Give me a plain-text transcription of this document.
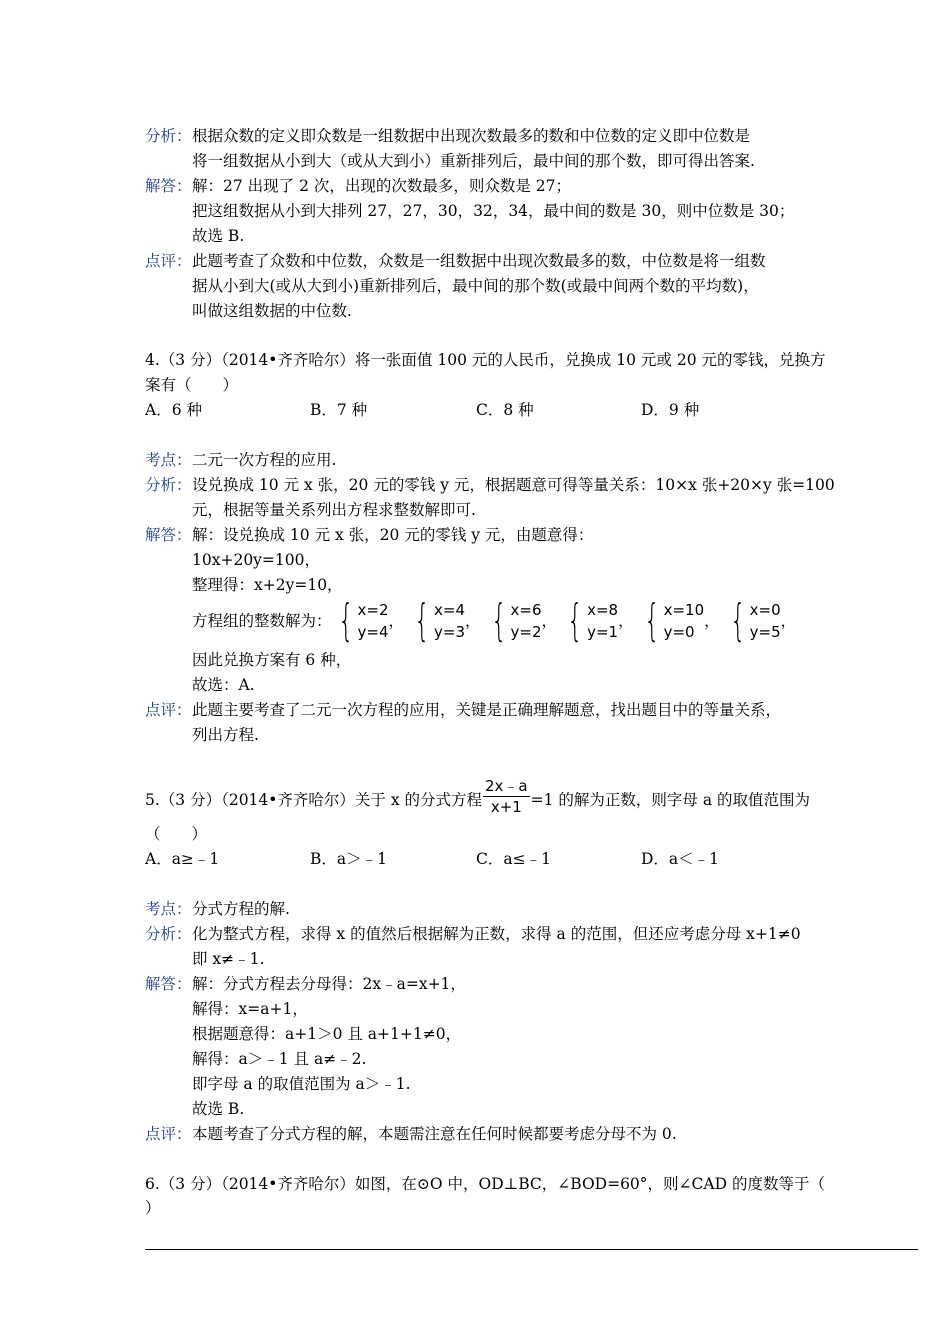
分析： 根据众数的定义即众数是一组数据中出现次数最多的数和中位数的定义即中位数是
将一组数据从小到大（或从大到小）重新排列后，最中间的那个数，即可得出答案.
解答： 解：27 出现了 2 次，出现的次数最多，则众数是 27；
把这组数据从小到大排列 27，27，30，32，34，最中间的数是 30，则中位数是 30；
故选 B.
点评： 此题考查了众数和中位数，众数是一组数据中出现次数最多的数，中位数是将一组数
据从小到大(或从大到小)重新排列后，最中间的那个数(或最中间两个数的平均数)，
叫做这组数据的中位数.
4.（3 分）（2014•齐齐哈尔）将一张面值 100 元的人民币，兑换成 10 元或 20 元的零钱，兑换方
案有（　　）
A．6 种	B．7 种	C．8 种	D．9 种
考点： 二元一次方程的应用.
分析： 设兑换成 10 元 x 张，20 元的零钱 y 元，根据题意可得等量关系：10×x 张+20×y 张=100
元，根据等量关系列出方程求整数解即可.
解答： 解：设兑换成 10 元 x 张，20 元的零钱 y 元，由题意得：
10x+20y=100，
整理得：x+2y=10，
方程组的整数解为： { x=2
y=4
， { x=4
y=3
， { x=6
y=2
， { x=8
y=1
， { x=10
y=0
， { x=0
y=5
，
因此兑换方案有 6 种，
故选：A.
点评： 此题主要考查了二元一次方程的应用，关键是正确理解题意，找出题目中的等量关系，
列出方程.
5.（3 分）（2014•齐齐哈尔）关于 x 的分式方程 $\frac{2x﹣a}{x+1} =1$ 的解为正数，则字母 a 的取值范围为
（　　）
A．a≥﹣1	B．a＞﹣1	C．a≤﹣1	D．a＜﹣1
考点： 分式方程的解.
分析： 化为整式方程，求得 x 的值然后根据解为正数，求得 a 的范围，但还应考虑分母 x+1≠0
即 x≠﹣1.
解答： 解：分式方程去分母得：2x﹣a=x+1，
解得：x=a+1，
根据题意得：a+1＞0 且 a+1+1≠0，
解得：a＞﹣1 且 a≠﹣2.
即字母 a 的取值范围为 a＞﹣1.
故选 B.
点评： 本题考查了分式方程的解，本题需注意在任何时候都要考虑分母不为 0.
6.（3 分）（2014•齐齐哈尔）如图，在⊙O 中，OD⊥BC，∠BOD=60°，则∠CAD 的度数等于（
）
